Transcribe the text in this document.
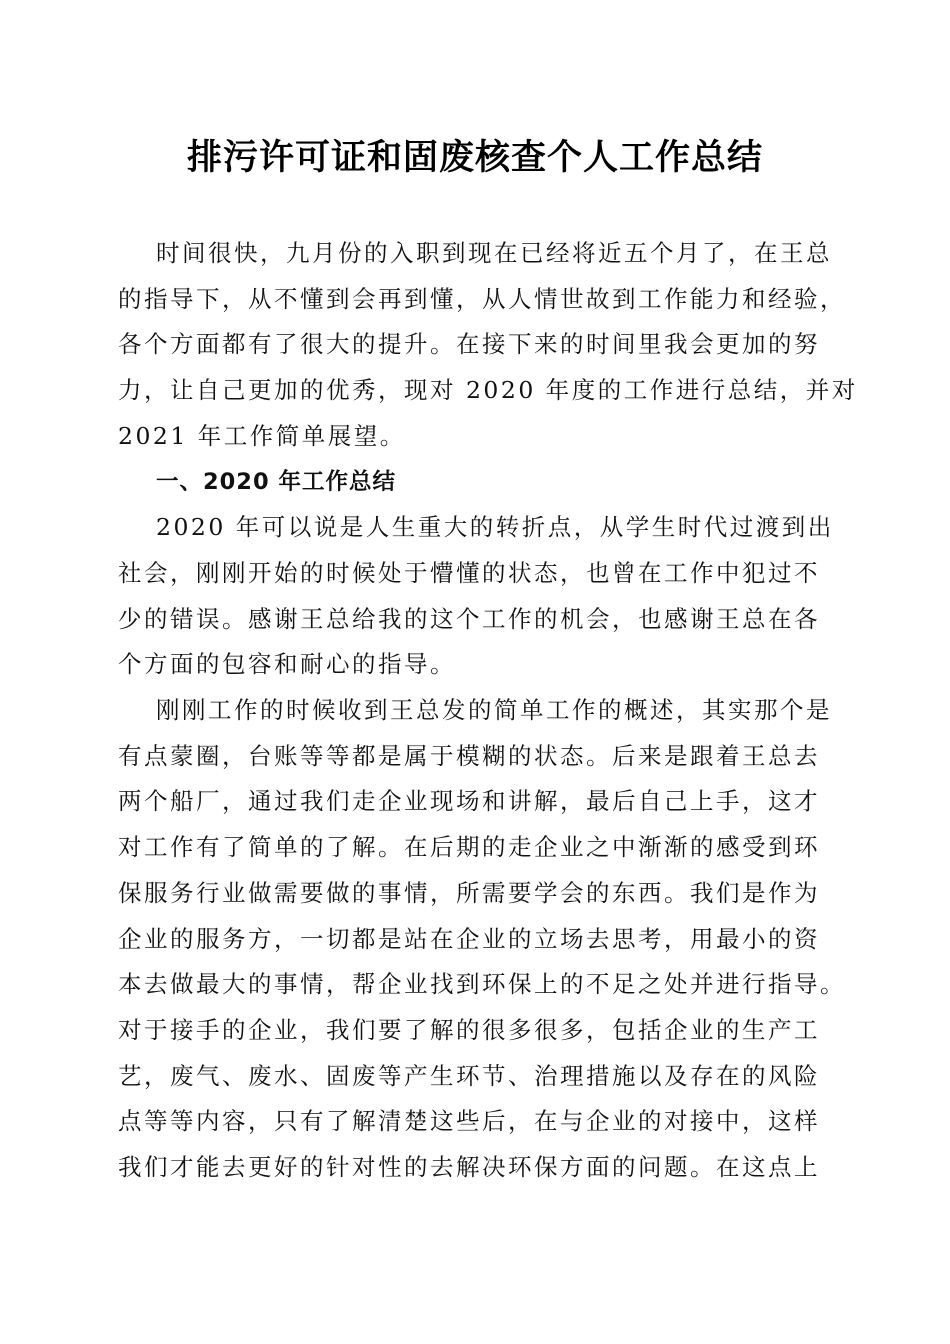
排污许可证和固废核查个人工作总结
时间很快，九月份的入职到现在已经将近五个月了，在王总
的指导下，从不懂到会再到懂，从人情世故到工作能力和经验，
各个方面都有了很大的提升。在接下来的时间里我会更加的努
力，让自己更加的优秀，现对 2020 年度的工作进行总结，并对
2021 年工作简单展望。
一、2020 年工作总结
2020 年可以说是人生重大的转折点，从学生时代过渡到出
社会，刚刚开始的时候处于懵懂的状态，也曾在工作中犯过不
少的错误。感谢王总给我的这个工作的机会，也感谢王总在各
个方面的包容和耐心的指导。
刚刚工作的时候收到王总发的简单工作的概述，其实那个是
有点蒙圈，台账等等都是属于模糊的状态。后来是跟着王总去
两个船厂，通过我们走企业现场和讲解，最后自己上手，这才
对工作有了简单的了解。在后期的走企业之中渐渐的感受到环
保服务行业做需要做的事情，所需要学会的东西。我们是作为
企业的服务方，一切都是站在企业的立场去思考，用最小的资
本去做最大的事情，帮企业找到环保上的不足之处并进行指导。
对于接手的企业，我们要了解的很多很多，包括企业的生产工
艺，废气、废水、固废等产生环节、治理措施以及存在的风险
点等等内容，只有了解清楚这些后，在与企业的对接中，这样
我们才能去更好的针对性的去解决环保方面的问题。在这点上
